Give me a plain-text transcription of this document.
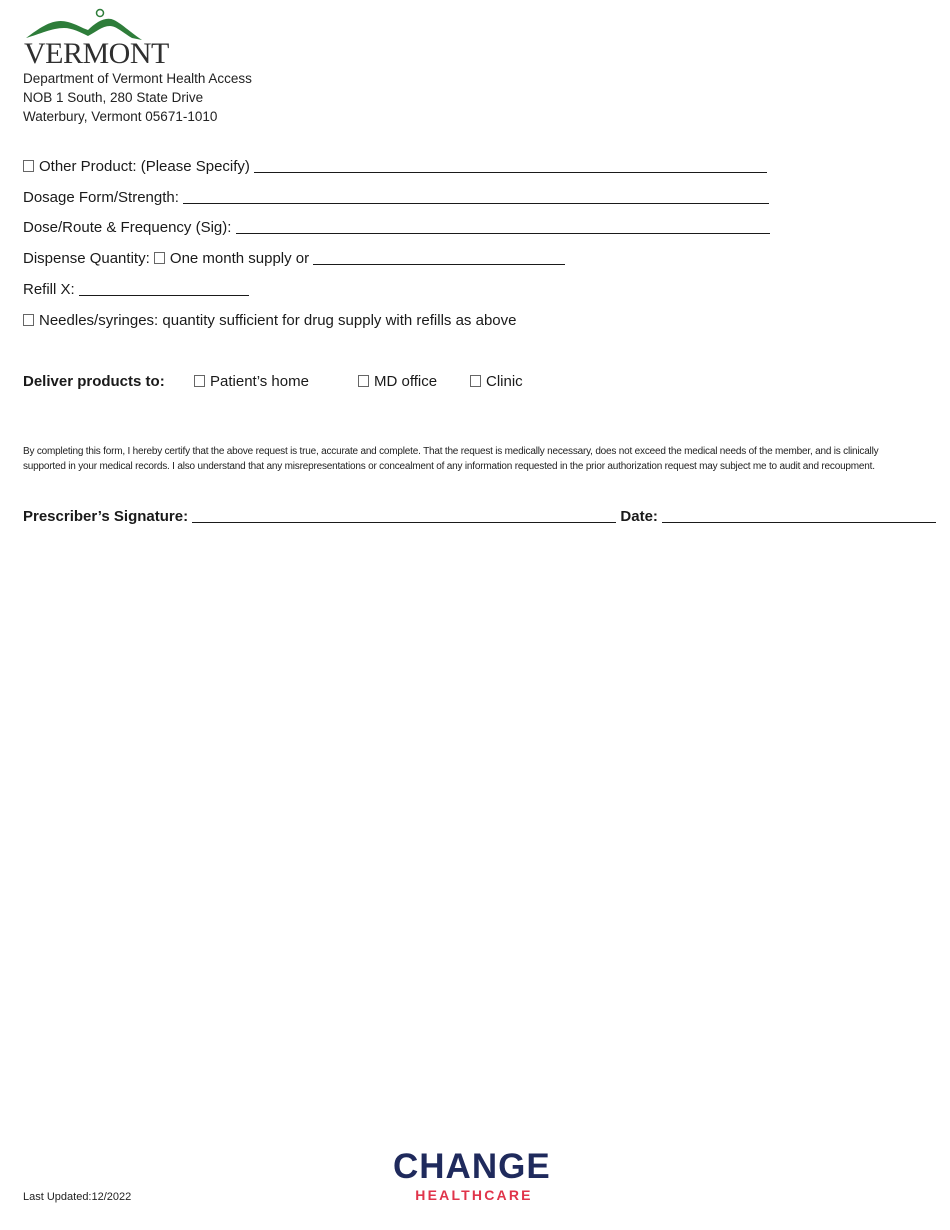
VERMONT
Department of Vermont Health Access
NOB 1 South, 280 State Drive
Waterbury, Vermont 05671-1010
Other Product: (Please Specify)
Dosage Form/Strength:
Dose/Route & Frequency (Sig):
Dispense Quantity: One month supply or
Refill X:
Needles/syringes: quantity sufficient for drug supply with refills as above
Deliver products to:	Patient’s home	MD office	Clinic
By completing this form, I hereby certify that the above request is true, accurate and complete. That the request is medically necessary, does not exceed the medical needs of the member, and is clinically supported in your medical records. I also understand that any misrepresentations or concealment of any information requested in the prior authorization request may subject me to audit and recoupment.
Prescriber’s Signature:	Date:
CHANGE
HEALTHCARE
Last Updated:12/2022
